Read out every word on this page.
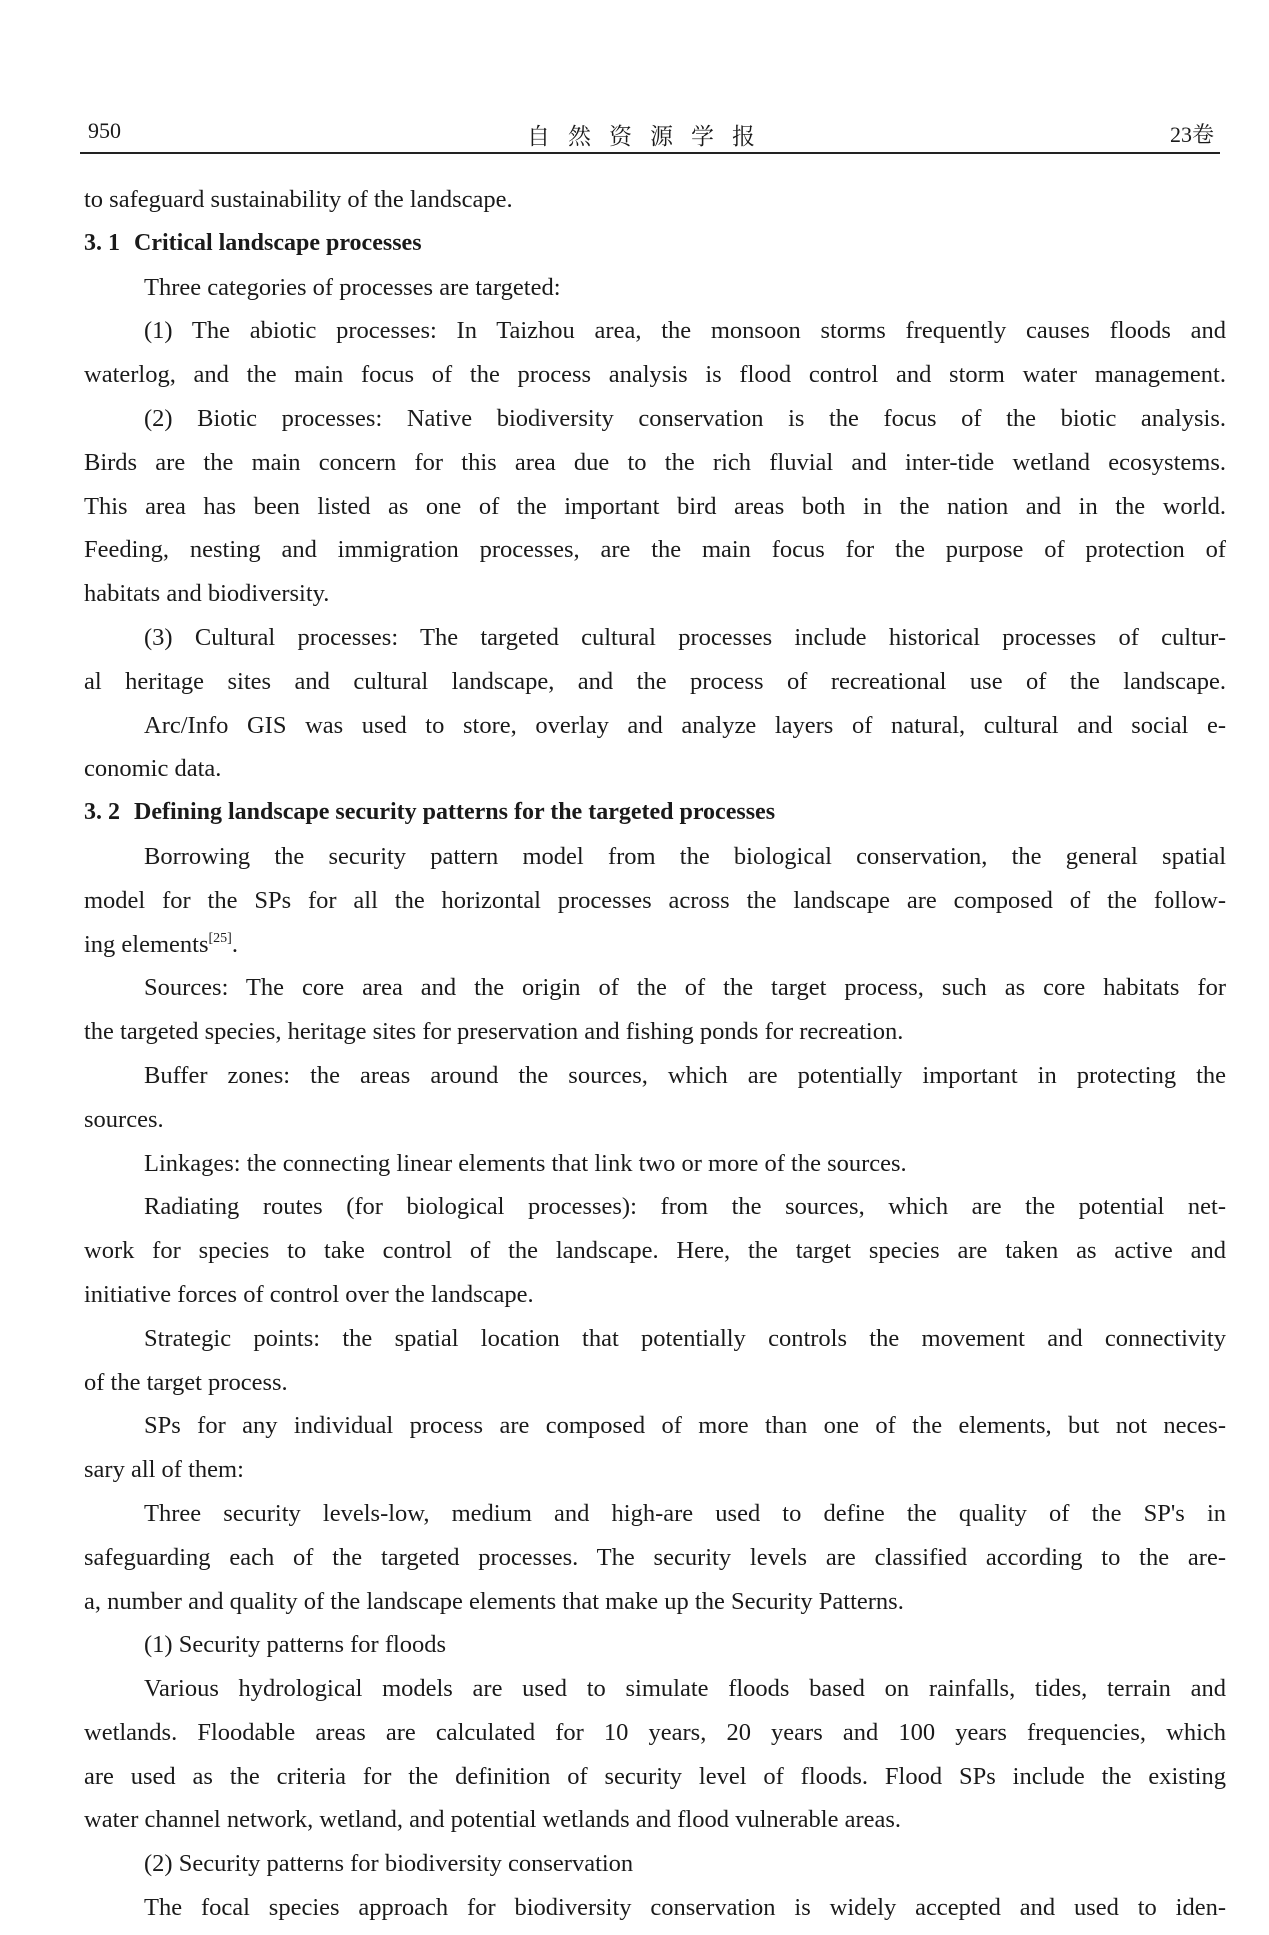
自然资源学报
950	23卷
to safeguard sustainability of the landscape.
3. 1 Critical landscape processes
Three categories of processes are targeted:
(1) The abiotic processes: In Taizhou area, the monsoon storms frequently causes floods and
waterlog, and the main focus of the process analysis is flood control and storm water management.
(2) Biotic processes: Native biodiversity conservation is the focus of the biotic analysis.
Birds are the main concern for this area due to the rich fluvial and inter-tide wetland ecosystems.
This area has been listed as one of the important bird areas both in the nation and in the world.
Feeding, nesting and immigration processes, are the main focus for the purpose of protection of
habitats and biodiversity.
(3) Cultural processes: The targeted cultural processes include historical processes of cultur-
al heritage sites and cultural landscape, and the process of recreational use of the landscape.
Arc/Info GIS was used to store, overlay and analyze layers of natural, cultural and social e-
conomic data.
3. 2 Defining landscape security patterns for the targeted processes
Borrowing the security pattern model from the biological conservation, the general spatial
model for the SPs for all the horizontal processes across the landscape are composed of the follow-
ing elements[25].
Sources: The core area and the origin of the of the target process, such as core habitats for
the targeted species, heritage sites for preservation and fishing ponds for recreation.
Buffer zones: the areas around the sources, which are potentially important in protecting the
sources.
Linkages: the connecting linear elements that link two or more of the sources.
Radiating routes (for biological processes): from the sources, which are the potential net-
work for species to take control of the landscape. Here, the target species are taken as active and
initiative forces of control over the landscape.
Strategic points: the spatial location that potentially controls the movement and connectivity
of the target process.
SPs for any individual process are composed of more than one of the elements, but not neces-
sary all of them:
Three security levels-low, medium and high-are used to define the quality of the SP's in
safeguarding each of the targeted processes. The security levels are classified according to the are-
a, number and quality of the landscape elements that make up the Security Patterns.
(1) Security patterns for floods
Various hydrological models are used to simulate floods based on rainfalls, tides, terrain and
wetlands. Floodable areas are calculated for 10 years, 20 years and 100 years frequencies, which
are used as the criteria for the definition of security level of floods. Flood SPs include the existing
water channel network, wetland, and potential wetlands and flood vulnerable areas.
(2) Security patterns for biodiversity conservation
The focal species approach for biodiversity conservation is widely accepted and used to iden-
